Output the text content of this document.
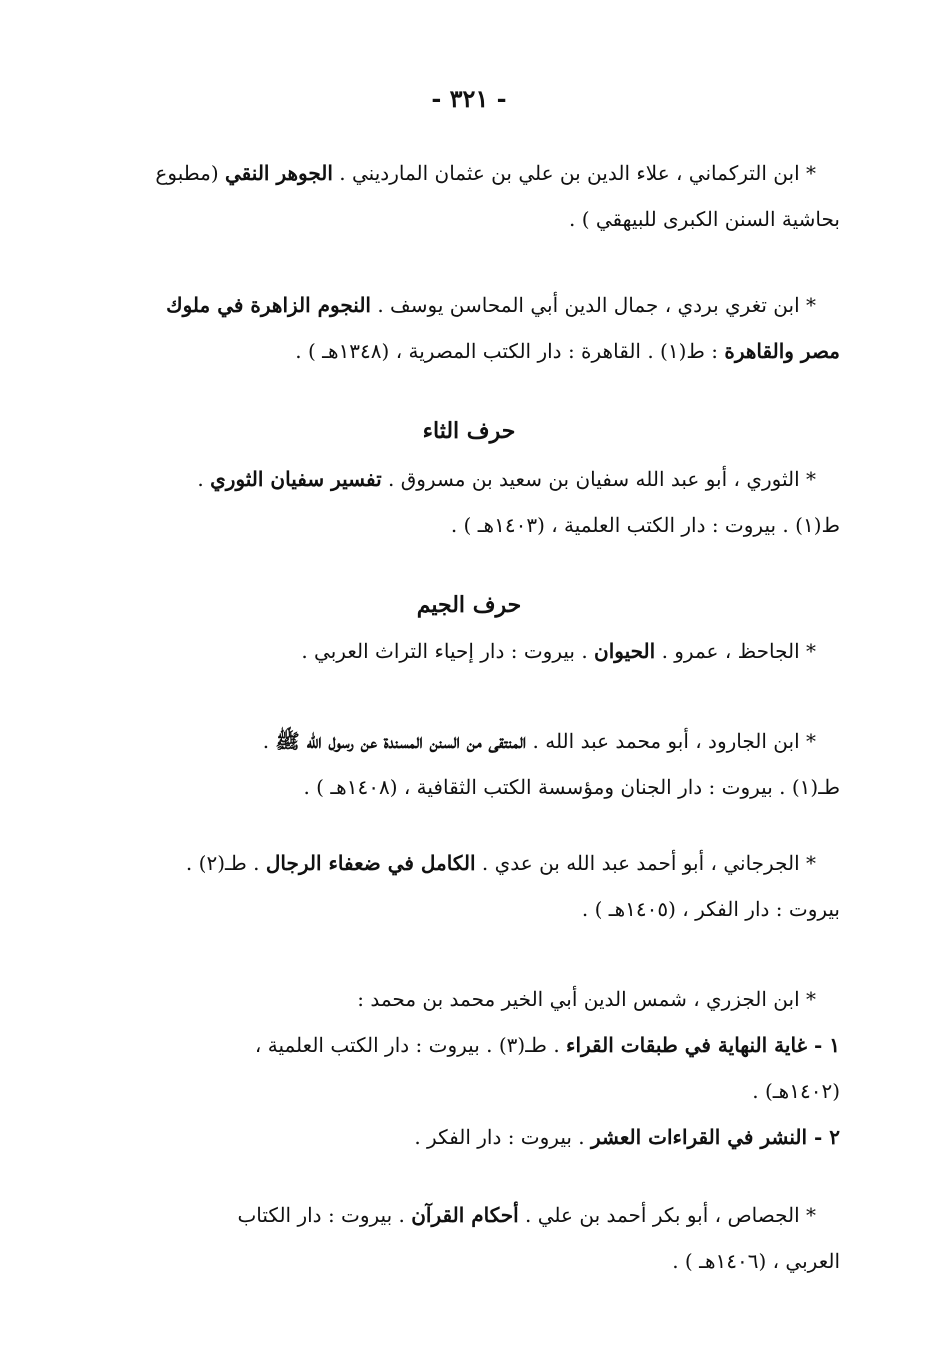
- ٣٢١ -
* ابن التركماني ، علاء الدين بن علي بن عثمان المارديني . الجوهر النقي (مطبوع
بحاشية السنن الكبرى للبيهقي ) .
* ابن تغري بردي ، جمال الدين أبي المحاسن يوسف . النجوم الزاهرة في ملوك
مصر والقاهرة : ط(١) . القاهرة : دار الكتب المصرية ، (١٣٤٨هـ ) .
حرف الثاء
* الثوري ، أبو عبد الله سفيان بن سعيد بن مسروق . تفسير سفيان الثوري .
ط(١) . بيروت : دار الكتب العلمية ، (١٤٠٣هـ ) .
حرف الجيم
* الجاحظ ، عمرو . الحيوان . بيروت : دار إحياء التراث العربي .
* ابن الجارود ، أبو محمد عبد الله . المنتقى من السنن المسندة عن رسول الله ﷺ .
طـ(١) . بيروت : دار الجنان ومؤسسة الكتب الثقافية ، (١٤٠٨هـ ) .
* الجرجاني ، أبو أحمد عبد الله بن عدي . الكامل في ضعفاء الرجال . طـ(٢) .
بيروت : دار الفكر ، (١٤٠٥هـ ) .
* ابن الجزري ، شمس الدين أبي الخير محمد بن محمد :
١ - غاية النهاية في طبقات القراء . طـ(٣) . بيروت : دار الكتب العلمية ،
(١٤٠٢هـ) .
٢ - النشر في القراءات العشر . بيروت : دار الفكر .
* الجصاص ، أبو بكر أحمد بن علي . أحكام القرآن . بيروت : دار الكتاب
العربي ، (١٤٠٦هـ ) .
